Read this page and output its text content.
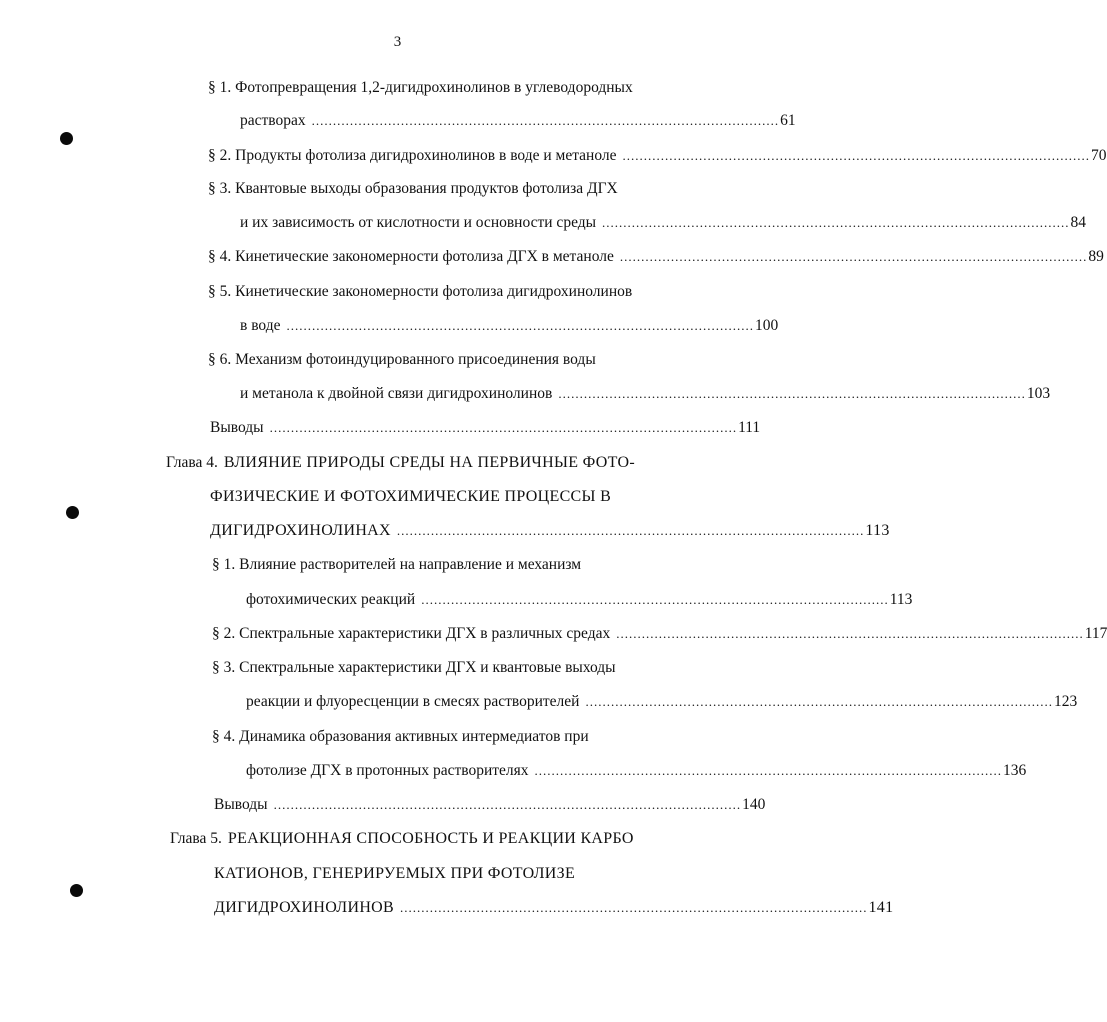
3
§ 1. Фотопревращения 1,2-дигидрохинолинов в углеводородных
растворах .............................................................................................................. 61
§ 2. Продукты фотолиза дигидрохинолинов в воде и метаноле .............................................................................................................. 70
§ 3. Квантовые выходы образования продуктов фотолиза ДГХ
и их зависимость от кислотности и основности среды .............................................................................................................. 84
§ 4. Кинетические закономерности фотолиза ДГХ в метаноле .............................................................................................................. 89
§ 5. Кинетические закономерности фотолиза дигидрохинолинов
в воде .............................................................................................................. 100
§ 6. Механизм фотоиндуцированного присоединения воды
и метанола к двойной связи дигидрохинолинов .............................................................................................................. 103
Выводы .............................................................................................................. 111
Глава 4. ВЛИЯНИЕ ПРИРОДЫ СРЕДЫ НА ПЕРВИЧНЫЕ ФОТО-
ФИЗИЧЕСКИЕ И ФОТОХИМИЧЕСКИЕ ПРОЦЕССЫ В
ДИГИДРОХИНОЛИНАХ .............................................................................................................. 113
§ 1. Влияние растворителей на направление и механизм
фотохимических реакций .............................................................................................................. 113
§ 2. Спектральные характеристики ДГХ в различных средах .............................................................................................................. 117
§ 3. Спектральные характеристики ДГХ и квантовые выходы
реакции и флуоресценции в смесях растворителей .............................................................................................................. 123
§ 4. Динамика образования активных интермедиатов при
фотолизе ДГХ в протонных растворителях .............................................................................................................. 136
Выводы .............................................................................................................. 140
Глава 5. РЕАКЦИОННАЯ СПОСОБНОСТЬ И РЕАКЦИИ КАРБО
КАТИОНОВ, ГЕНЕРИРУЕМЫХ ПРИ ФОТОЛИЗЕ
ДИГИДРОХИНОЛИНОВ .............................................................................................................. 141
